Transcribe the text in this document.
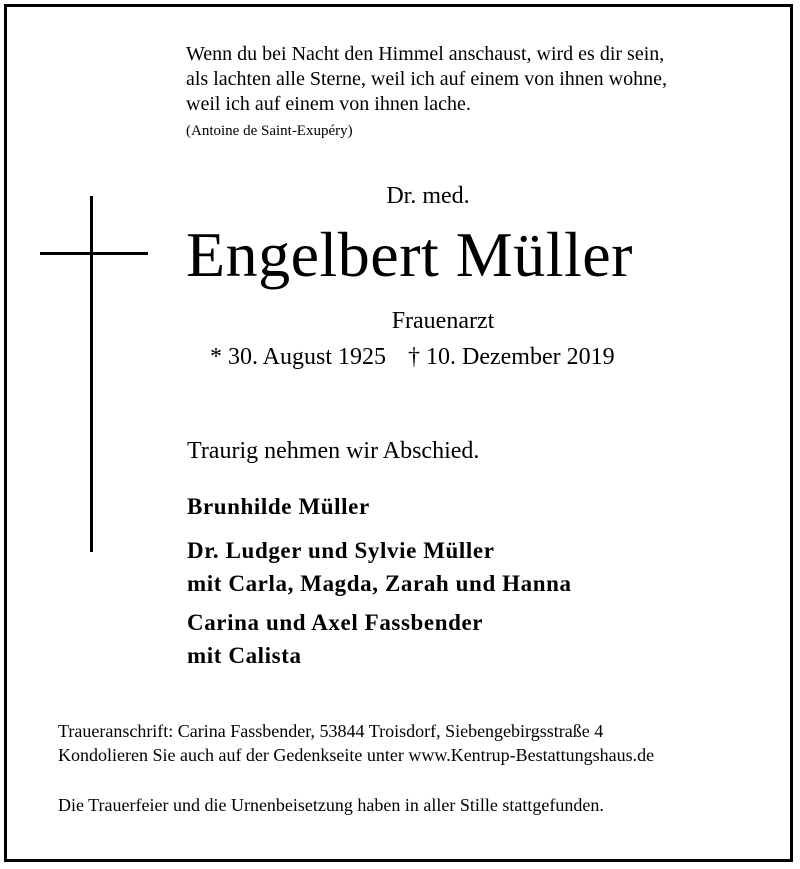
Wenn du bei Nacht den Himmel anschaust, wird es dir sein,
als lachten alle Sterne, weil ich auf einem von ihnen wohne,
weil ich auf einem von ihnen lache.
(Antoine de Saint-Exupéry)
Dr. med.
Engelbert Müller
Frauenarzt
* 30. August 1925 † 10. Dezember 2019
Traurig nehmen wir Abschied.
Brunhilde Müller
Dr. Ludger und Sylvie Müller
mit Carla, Magda, Zarah und Hanna
Carina und Axel Fassbender
mit Calista
Traueranschrift: Carina Fassbender, 53844 Troisdorf, Siebengebirgsstraße 4
Kondolieren Sie auch auf der Gedenkseite unter www.Kentrup-Bestattungshaus.de
Die Trauerfeier und die Urnenbeisetzung haben in aller Stille stattgefunden.
